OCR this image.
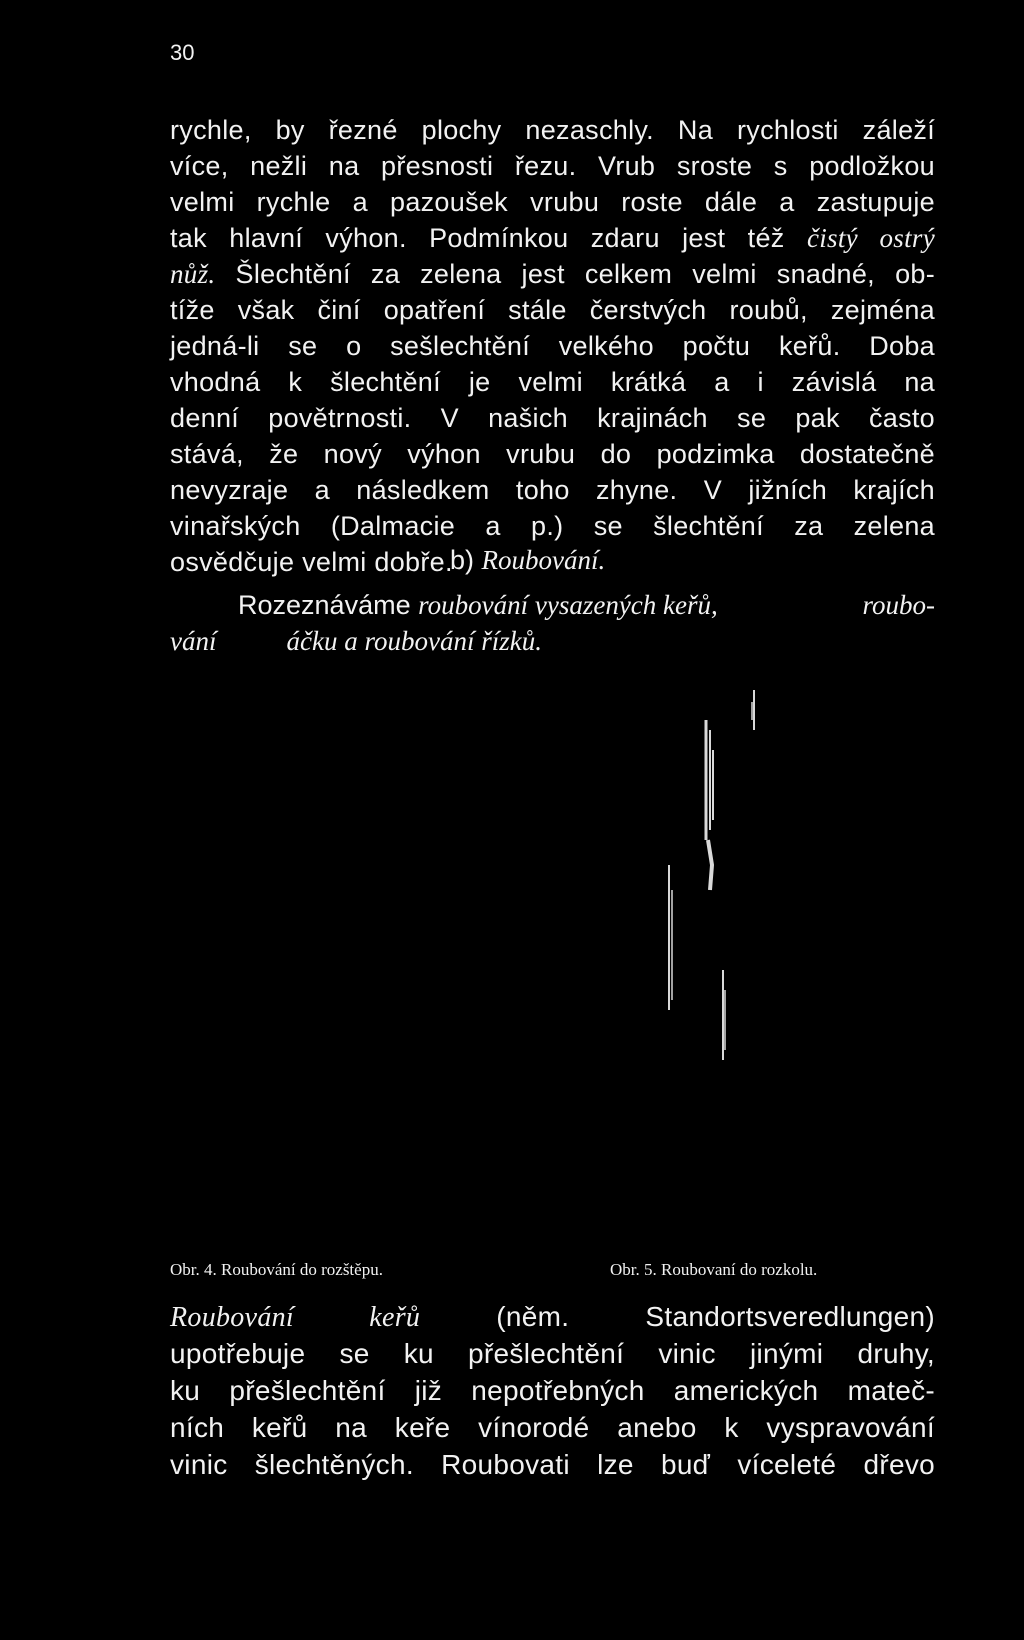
30
rychle, by řezné plochy nezaschly. Na rychlosti záleží
více, nežli na přesnosti řezu. Vrub sroste s podložkou
velmi rychle a pazoušek vrubu roste dále a zastupuje
tak hlavní výhon. Podmínkou zdaru jest též čistý ostrý
nůž. Šlechtění za zelena jest celkem velmi snadné, ob-
tíže však činí opatření stále čerstvých roubů, zejména
jedná-li se o sešlechtění velkého počtu keřů. Doba
vhodná k šlechtění je velmi krátká a i závislá na
denní povětrnosti. V našich krajinách se pak často
stává, že nový výhon vrubu do podzimka dostatečně
nevyzraje a následkem toho zhyne. V jižních krajích
vinařských (Dalmacie a p.) se šlechtění za zelena
osvědčuje velmi dobře.
b) Roubování.
Rozeznáváme roubování vysazených keřů,	roubo-
vání	áčku a roubování řízků.
Obr. 4. Roubování do rozštěpu.	Obr. 5. Roubovaní do rozkolu.
Roubování keřů	(něm. Standortsveredlungen)
upotřebuje se ku přešlechtění vinic jinými druhy,
ku přešlechtění již nepotřebných amerických mateč-
ních keřů na keře vínorodé anebo k vyspravování
vinic šlechtěných. Roubovati lze buď víceleté dřevo
